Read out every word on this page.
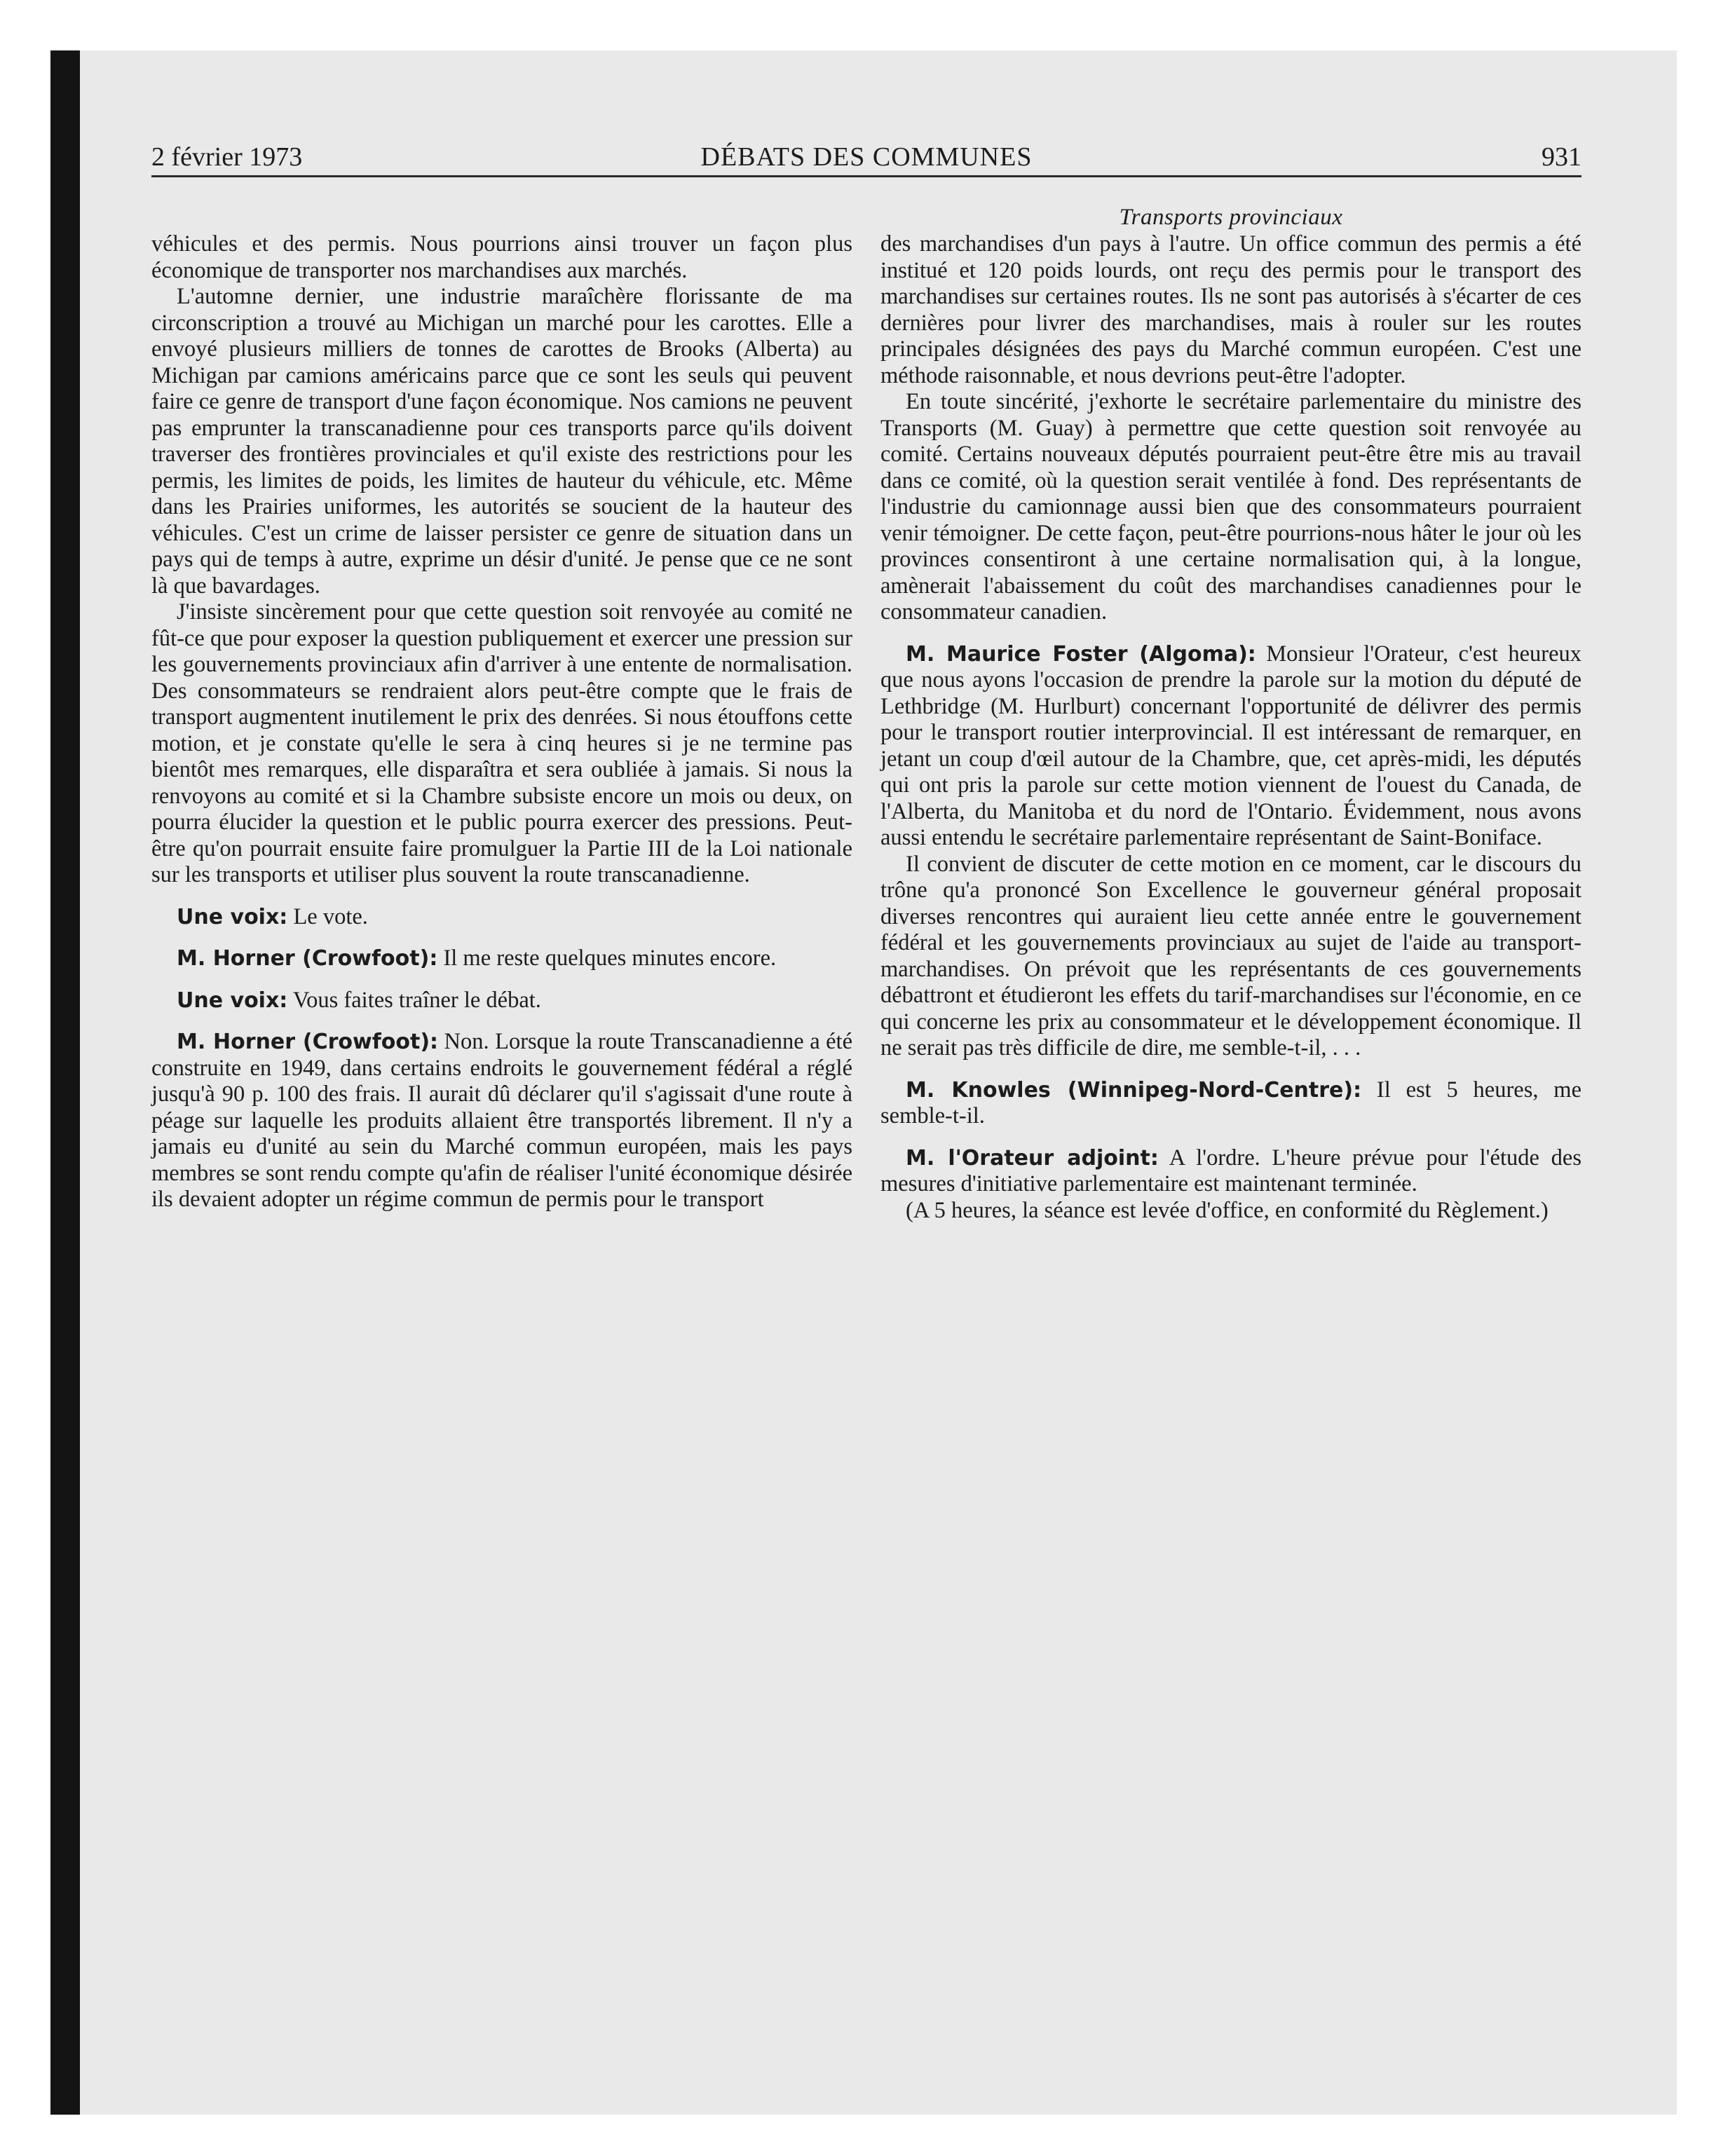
2 février 1973	DÉBATS DES COMMUNES	931

véhicules et des permis. Nous pourrions ainsi trouver un façon plus économique de transporter nos marchandises aux marchés.

L'automne dernier, une industrie maraîchère florissante de ma circonscription a trouvé au Michigan un marché pour les carottes. Elle a envoyé plusieurs milliers de tonnes de carottes de Brooks (Alberta) au Michigan par camions américains parce que ce sont les seuls qui peuvent faire ce genre de transport d'une façon économique. Nos camions ne peuvent pas emprunter la transcanadienne pour ces transports parce qu'ils doivent traverser des frontières provinciales et qu'il existe des restrictions pour les permis, les limites de poids, les limites de hauteur du véhicule, etc. Même dans les Prairies uniformes, les autorités se soucient de la hauteur des véhicules. C'est un crime de laisser persister ce genre de situation dans un pays qui de temps à autre, exprime un désir d'unité. Je pense que ce ne sont là que bavardages.

J'insiste sincèrement pour que cette question soit renvoyée au comité ne fût-ce que pour exposer la question publiquement et exercer une pression sur les gouvernements provinciaux afin d'arriver à une entente de normalisation. Des consommateurs se rendraient alors peut-être compte que le frais de transport augmentent inutilement le prix des denrées. Si nous étouffons cette motion, et je constate qu'elle le sera à cinq heures si je ne termine pas bientôt mes remarques, elle disparaîtra et sera oubliée à jamais. Si nous la renvoyons au comité et si la Chambre subsiste encore un mois ou deux, on pourra élucider la question et le public pourra exercer des pressions. Peut-être qu'on pourrait ensuite faire promulguer la Partie III de la Loi nationale sur les transports et utiliser plus souvent la route transcanadienne.

Une voix: Le vote.

M. Horner (Crowfoot): Il me reste quelques minutes encore.

Une voix: Vous faites traîner le débat.

M. Horner (Crowfoot): Non. Lorsque la route Transcanadienne a été construite en 1949, dans certains endroits le gouvernement fédéral a réglé jusqu'à 90 p. 100 des frais. Il aurait dû déclarer qu'il s'agissait d'une route à péage sur laquelle les produits allaient être transportés librement. Il n'y a jamais eu d'unité au sein du Marché commun européen, mais les pays membres se sont rendu compte qu'afin de réaliser l'unité économique désirée ils devaient adopter un régime commun de permis pour le transport

Transports provinciaux

des marchandises d'un pays à l'autre. Un office commun des permis a été institué et 120 poids lourds, ont reçu des permis pour le transport des marchandises sur certaines routes. Ils ne sont pas autorisés à s'écarter de ces dernières pour livrer des marchandises, mais à rouler sur les routes principales désignées des pays du Marché commun européen. C'est une méthode raisonnable, et nous devrions peut-être l'adopter.

En toute sincérité, j'exhorte le secrétaire parlementaire du ministre des Transports (M. Guay) à permettre que cette question soit renvoyée au comité. Certains nouveaux députés pourraient peut-être être mis au travail dans ce comité, où la question serait ventilée à fond. Des représentants de l'industrie du camionnage aussi bien que des consommateurs pourraient venir témoigner. De cette façon, peut-être pourrions-nous hâter le jour où les provinces consentiront à une certaine normalisation qui, à la longue, amènerait l'abaissement du coût des marchandises canadiennes pour le consommateur canadien.

M. Maurice Foster (Algoma): Monsieur l'Orateur, c'est heureux que nous ayons l'occasion de prendre la parole sur la motion du député de Lethbridge (M. Hurlburt) concernant l'opportunité de délivrer des permis pour le transport routier interprovincial. Il est intéressant de remarquer, en jetant un coup d'œil autour de la Chambre, que, cet après-midi, les députés qui ont pris la parole sur cette motion viennent de l'ouest du Canada, de l'Alberta, du Manitoba et du nord de l'Ontario. Évidemment, nous avons aussi entendu le secrétaire parlementaire représentant de Saint-Boniface.

Il convient de discuter de cette motion en ce moment, car le discours du trône qu'a prononcé Son Excellence le gouverneur général proposait diverses rencontres qui auraient lieu cette année entre le gouvernement fédéral et les gouvernements provinciaux au sujet de l'aide au transport-marchandises. On prévoit que les représentants de ces gouvernements débattront et étudieront les effets du tarif-marchandises sur l'économie, en ce qui concerne les prix au consommateur et le développement économique. Il ne serait pas très difficile de dire, me semble-t-il, . . .

M. Knowles (Winnipeg-Nord-Centre): Il est 5 heures, me semble-t-il.

M. l'Orateur adjoint: A l'ordre. L'heure prévue pour l'étude des mesures d'initiative parlementaire est maintenant terminée.

(A 5 heures, la séance est levée d'office, en conformité du Règlement.)
